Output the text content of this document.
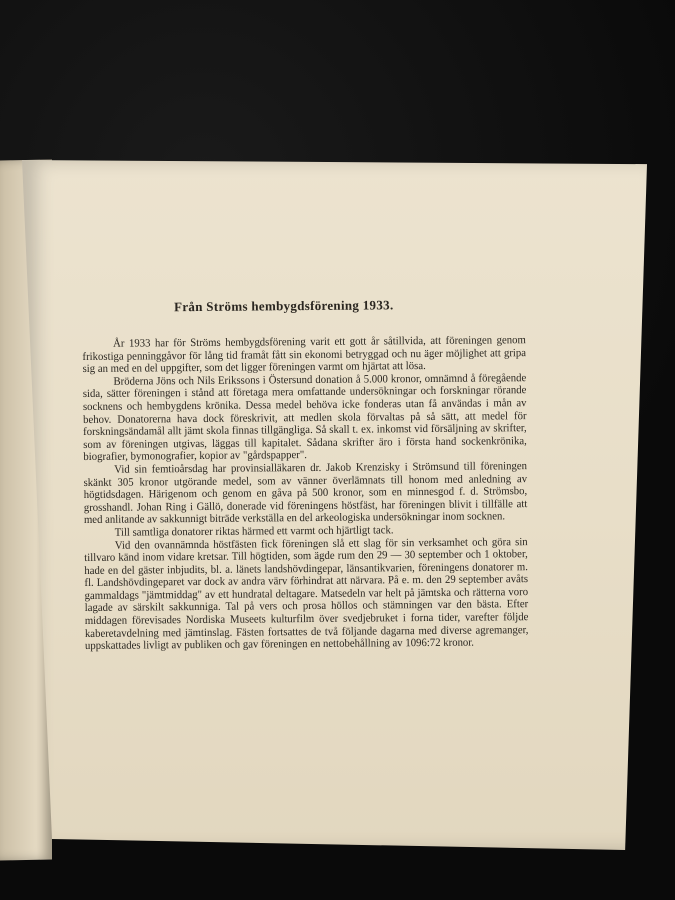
Från Ströms hembygdsförening 1933.

År 1933 har för Ströms hembygdsförening varit ett gott år såtillvida, att föreningen genom frikostiga penninggåvor för lång tid framåt fått sin ekonomi betryggad och nu äger möjlighet att gripa sig an med en del uppgifter, som det ligger föreningen varmt om hjärtat att lösa.

Bröderna Jöns och Nils Erikssons i Östersund donation å 5.000 kronor, omnämnd å föregående sida, sätter föreningen i stånd att företaga mera omfattande undersökningar och forskningar rörande socknens och hembygdens krönika. Dessa medel behöva icke fonderas utan få användas i mån av behov. Donatorerna hava dock föreskrivit, att medlen skola förvaltas på så sätt, att medel för forskningsändamål allt jämt skola finnas tillgängliga. Så skall t. ex. inkomst vid försäljning av skrifter, som av föreningen utgivas, läggas till kapitalet. Sådana skrifter äro i första hand sockenkrönika, biografier, bymonografier, kopior av "gårdspapper".

Vid sin femtioårsdag har provinsialläkaren dr. Jakob Krenzisky i Strömsund till föreningen skänkt 305 kronor utgörande medel, som av vänner överlämnats till honom med anledning av högtidsdagen. Härigenom och genom en gåva på 500 kronor, som en minnesgod f. d. Strömsbo, grosshandl. Johan Ring i Gällö, donerade vid föreningens höstfäst, har föreningen blivit i tillfälle att med anlitande av sakkunnigt biträde verkställa en del arkeologiska undersökningar inom socknen.

Till samtliga donatorer riktas härmed ett varmt och hjärtligt tack.

Vid den ovannämnda höstfästen fick föreningen slå ett slag för sin verksamhet och göra sin tillvaro känd inom vidare kretsar. Till högtiden, som ägde rum den 29 — 30 september och 1 oktober, hade en del gäster inbjudits, bl. a. länets landshövdingepar, länsantikvarien, föreningens donatorer m. fl. Landshövdingeparet var dock av andra värv förhindrat att närvara. På e. m. den 29 september avåts gammaldags "jämtmiddag" av ett hundratal deltagare. Matsedeln var helt på jämtska och rätterna voro lagade av särskilt sakkunniga. Tal på vers och prosa höllos och stämningen var den bästa. Efter middagen förevisades Nordiska Museets kulturfilm över svedjebruket i forna tider, varefter följde kaberetavdelning med jämtinslag. Fästen fortsattes de två följande dagarna med diverse agremanger, uppskattades livligt av publiken och gav föreningen en nettobehållning av 1096:72 kronor.
